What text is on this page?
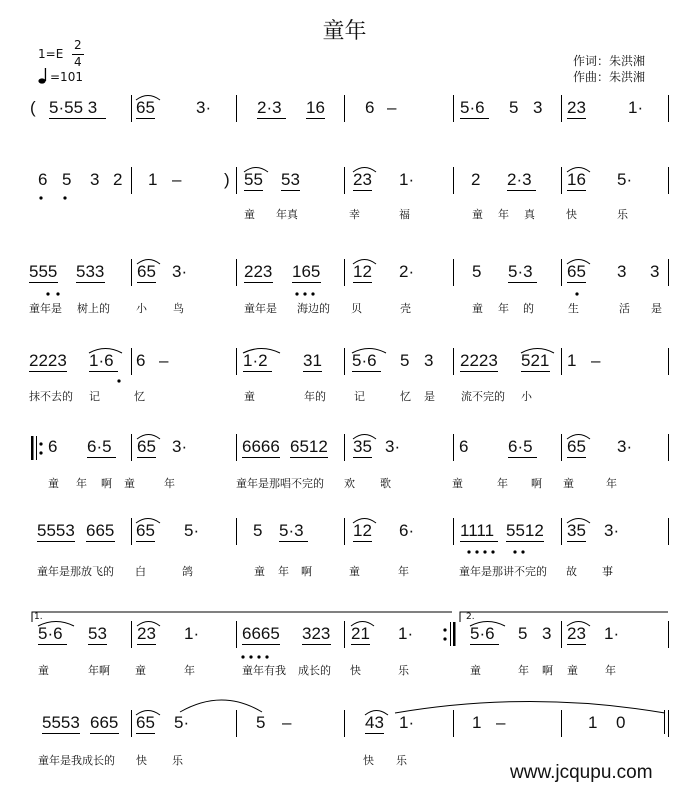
童年
1=E
2
4
=101
作词：朱洪湘
作曲：朱洪湘
( 5·55 3 65 3·	2·3 16 6 –	5·6 5 3 23 1·
6 5 3 2 1 –	) 55 53	23 1·	2 2·3 16 5·
童 年真	幸	福	童 年 真	快	乐
555 533 65 3·	223 165 12 2·	5 5·3 65 3 3
童年是 树上的 小 鸟	童年是 海边的 贝	壳	童 年 的	生	活 是
2223 1·6 6 –	1·2 31 5·6 5 3 2223 521 1 –
抹不去的 记	忆	童	年的	记	忆 是 流不完的 小
6 6·5 65 3·	6666 6512 35 3·	6 6·5 65 3·
童 年 啊 童	年	童年是那唱不完的 欢 歌	童	年 啊 童	年
5553 665 65 5·	5 5·3	12 6·	1111 5512 35 3·
童年是那放飞的 白	鸽	童 年 啊	童	年	童年是那讲不完的 故 事
5·6 53 23 1·	6665 323 21 1·	5·6 5 3 23 1·
童	年啊 童	年	童年有我 成长的 快	乐	童	年 啊 童 年
5553 665 65 5·	5 –	43 1·	1 –	1 0
童年是我成长的 快 乐	快 乐
1.	2.
www.jcqupu.com
